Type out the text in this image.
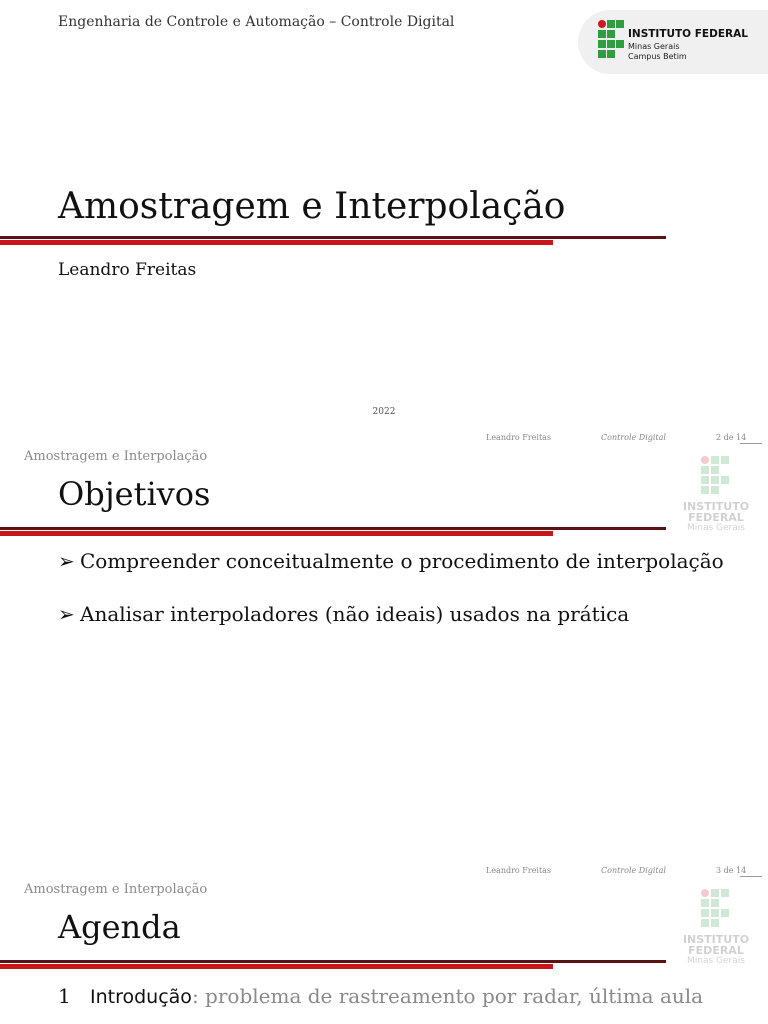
Engenharia de Controle e Automação – Controle Digital
INSTITUTO FEDERAL
Minas Gerais
Campus Betim
Amostragem e Interpolação
Leandro Freitas
2022
Leandro Freitas	Controle Digital	2 de 14
Amostragem e Interpolação
Objetivos	INSTITUTO
FEDERAL
Minas Gerais
➢ Compreender conceitualmente o procedimento de interpolação
➢ Analisar interpoladores (não ideais) usados na prática
Leandro Freitas	Controle Digital	3 de 14
Amostragem e Interpolação
Agenda	INSTITUTO
FEDERAL
Minas Gerais
1 Introdução: problema de rastreamento por radar, última aula
